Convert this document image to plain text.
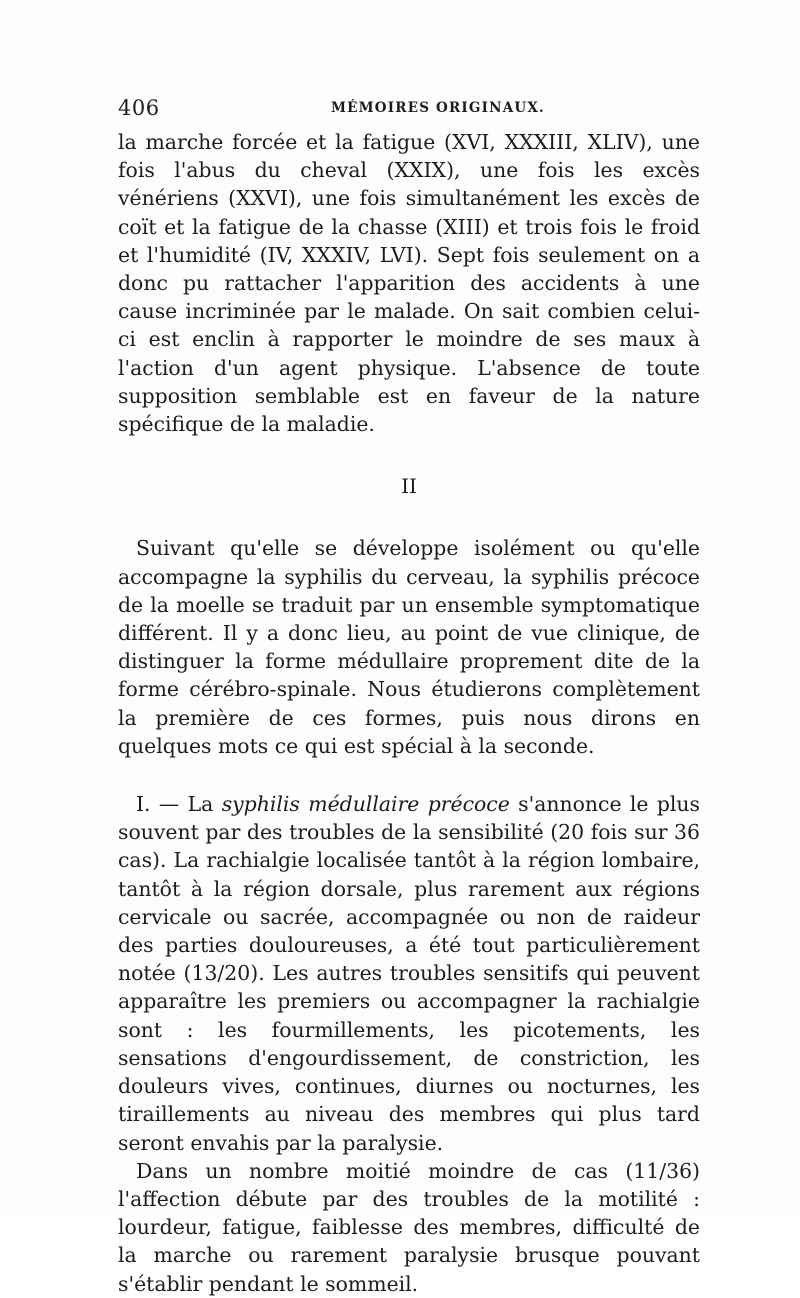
406	MÉMOIRES ORIGINAUX.

la marche forcée et la fatigue (XVI, XXXIII, XLIV), une fois l'abus du cheval (XXIX), une fois les excès vénériens (XXVI), une fois simultanément les excès de coït et la fatigue de la chasse (XIII) et trois fois le froid et l'humidité (IV, XXXIV, LVI). Sept fois seulement on a donc pu rattacher l'apparition des accidents à une cause incriminée par le malade. On sait combien celui-ci est enclin à rapporter le moindre de ses maux à l'action d'un agent physique. L'absence de toute supposition semblable est en faveur de la nature spécifique de la maladie.

II

Suivant qu'elle se développe isolément ou qu'elle accompagne la syphilis du cerveau, la syphilis précoce de la moelle se traduit par un ensemble symptomatique différent. Il y a donc lieu, au point de vue clinique, de distinguer la forme médullaire proprement dite de la forme cérébro-spinale. Nous étudierons complètement la première de ces formes, puis nous dirons en quelques mots ce qui est spécial à la seconde.

I. — La syphilis médullaire précoce s'annonce le plus souvent par des troubles de la sensibilité (20 fois sur 36 cas). La rachialgie localisée tantôt à la région lombaire, tantôt à la région dorsale, plus rarement aux régions cervicale ou sacrée, accompagnée ou non de raideur des parties douloureuses, a été tout particulièrement notée (13/20). Les autres troubles sensitifs qui peuvent apparaître les premiers ou accompagner la rachialgie sont : les fourmillements, les picotements, les sensations d'engourdissement, de constriction, les douleurs vives, continues, diurnes ou nocturnes, les tiraillements au niveau des membres qui plus tard seront envahis par la paralysie.

Dans un nombre moitié moindre de cas (11/36) l'affection débute par des troubles de la motilité : lourdeur, fatigue, faiblesse des membres, difficulté de la marche ou rarement paralysie brusque pouvant s'établir pendant le sommeil.
